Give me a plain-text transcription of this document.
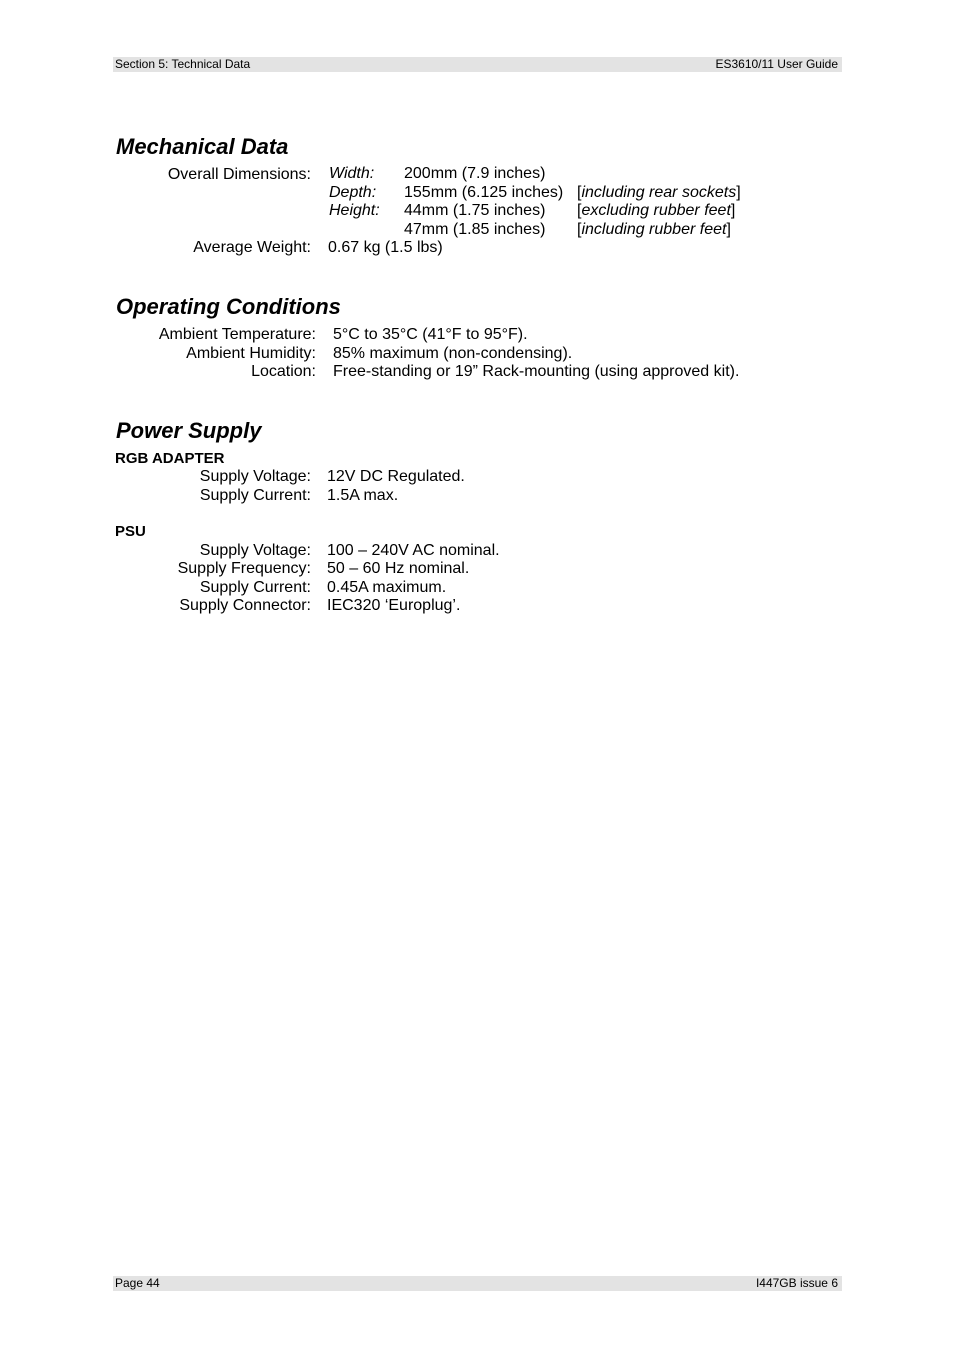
Section 5: Technical Data	ES3610/11 User Guide
Mechanical Data
Overall Dimensions: Width: 200mm (7.9 inches)
Depth: 155mm (6.125 inches) [including rear sockets]
Height: 44mm (1.75 inches) [excluding rubber feet]
47mm (1.85 inches) [including rubber feet]
Average Weight: 0.67 kg (1.5 lbs)
Operating Conditions
Ambient Temperature: 5°C to 35°C (41°F to 95°F).
Ambient Humidity: 85% maximum (non-condensing).
Location: Free-standing or 19” Rack-mounting (using approved kit).
Power Supply
RGB ADAPTER
Supply Voltage: 12V DC Regulated.
Supply Current: 1.5A max.
PSU
Supply Voltage: 100 – 240V AC nominal.
Supply Frequency: 50 – 60 Hz nominal.
Supply Current: 0.45A maximum.
Supply Connector: IEC320 ‘Europlug’.
Page 44	I447GB issue 6
